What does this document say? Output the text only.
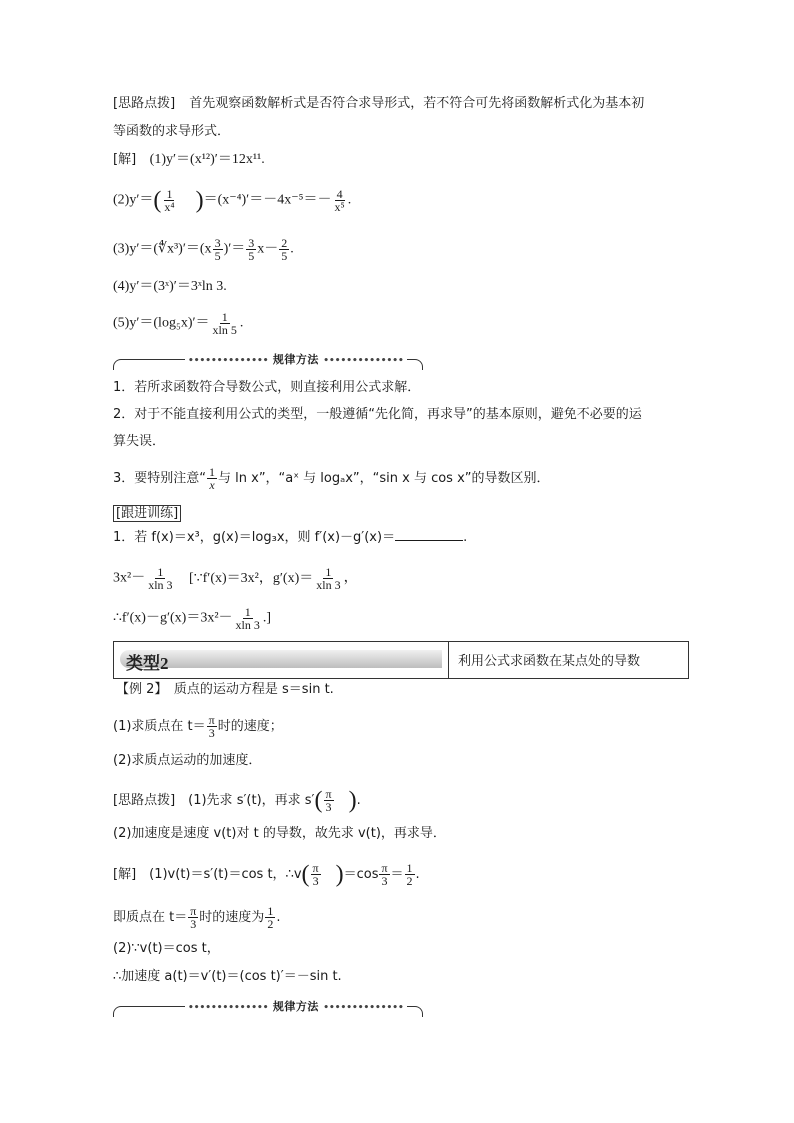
[思路点拨] 首先观察函数解析式是否符合求导形式，若不符合可先将函数解析式化为基本初
等函数的求导形式．
[解] (1)y′＝(x¹²)′＝12x¹¹.
$(2)y'=( \frac{1}{\text{x⁴}} )=(x^{-4})'=-4x^{-5}=- \frac{4}{\text{x⁵}}$ .
(3)y′＝(∜x³)′＝(x $\frac{3}{5}$ )′＝ $\frac{3}{5} x- \frac{2}{5}$ .
(4)y′＝(3ˣ)′＝3ˣln 3.
$(5)y'=(\log_5x)'= \frac{1}{xln 5}$ .
•••••••••••••• 规律方法 ••••••••••••••
1．若所求函数符合导数公式，则直接利用公式求解．
2．对于不能直接利用公式的类型，一般遵循“先化简，再求导”的基本原则，避免不必要的运
算失误．
3．要特别注意“ $\frac{1}{x}$ 与 ln x”，“aˣ 与 logₐx”，“sin x 与 cos x”的导数区别．
[跟进训练]
1．若 f(x)＝x³，g(x)＝log₃x，则 f′(x)－g′(x)＝	.
$3x^2- \frac{1}{xln 3}$ [∵f′(x)＝3x²，$g'(x)= \frac{1}{xln 3}$ ，
∴f′(x)－g′(x)＝3x²－ $\frac{1}{xln 3}$ .]
类型2	利用公式求函数在某点处的导数
【例 2】　质点的运动方程是 s＝sin t.
(1)求质点在 $t= \frac{\pi}{3}$ 时的速度；
(2)求质点运动的加速度．
[思路点拨]　(1)先求 s′(t)，再求 $s'( \frac{\pi}{3}$ ).
(2)加速度是速度 v(t)对 t 的导数，故先求 v(t)，再求导．
[解]　(1)v(t)＝s′(t)＝cos t，∴v( $\frac{\pi}{3} )=\cos \frac{\pi}{3} = \frac{1}{2}$ .
即质点在 $t= \frac{\pi}{3}$ 时的速度为 $\frac{1}{2}$ .
(2)∵v(t)＝cos t，
∴加速度 a(t)＝v′(t)＝(cos t)′＝－sin t.
•••••••••••••• 规律方法 ••••••••••••••
